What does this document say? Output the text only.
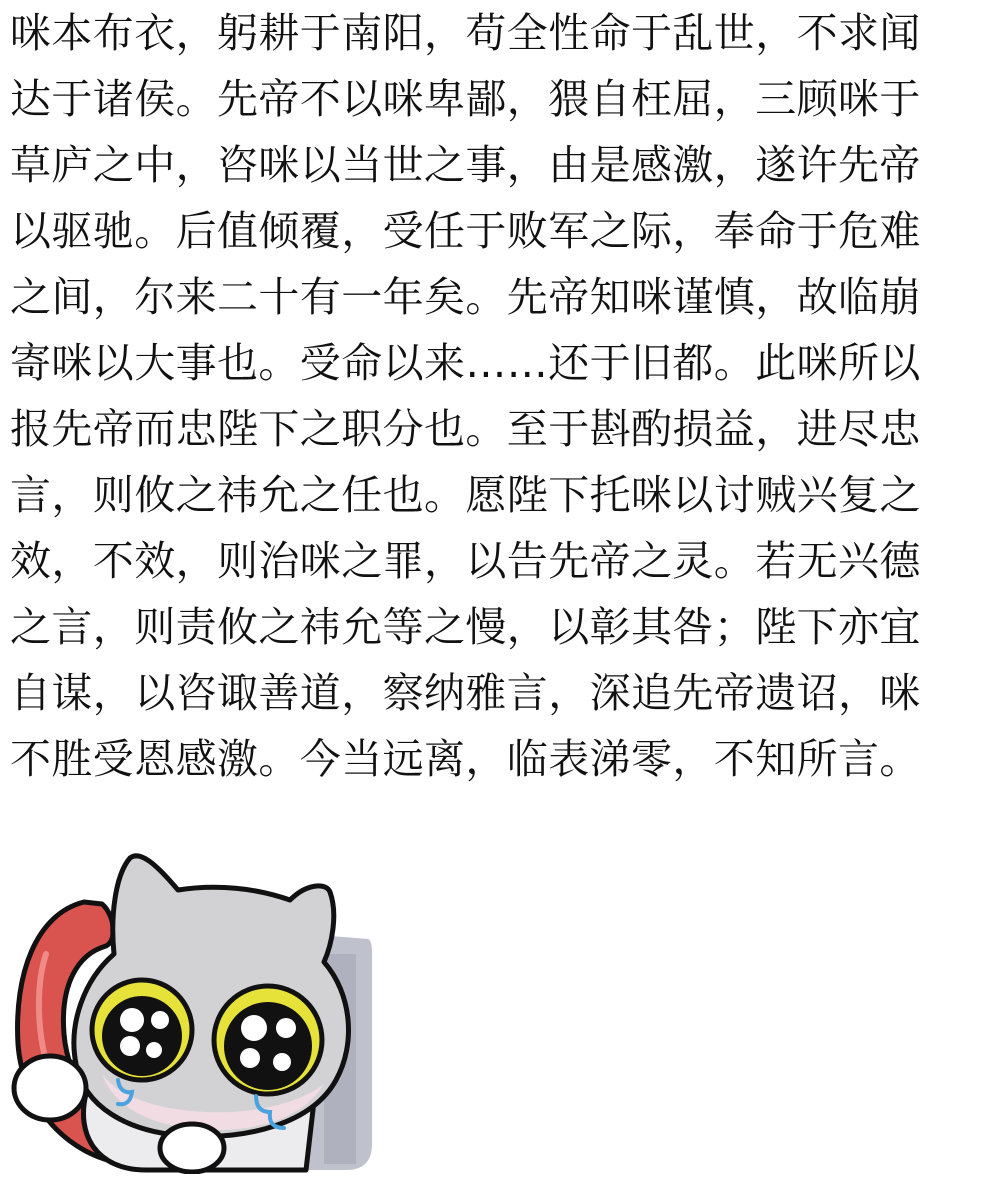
咪本布衣，躬耕于南阳，苟全性命于乱世，不求闻
达于诸侯。先帝不以咪卑鄙，猥自枉屈，三顾咪于
草庐之中，咨咪以当世之事，由是感激，遂许先帝
以驱驰。后值倾覆，受任于败军之际，奉命于危难
之间，尔来二十有一年矣。先帝知咪谨慎，故临崩
寄咪以大事也。受命以来……还于旧都。此咪所以
报先帝而忠陛下之职分也。至于斟酌损益，进尽忠
言，则攸之祎允之任也。愿陛下托咪以讨贼兴复之
效，不效，则治咪之罪，以告先帝之灵。若无兴德
之言，则责攸之祎允等之慢，以彰其咎；陛下亦宜
自谋，以咨诹善道，察纳雅言，深追先帝遗诏，咪
不胜受恩感激。今当远离，临表涕零，不知所言。
